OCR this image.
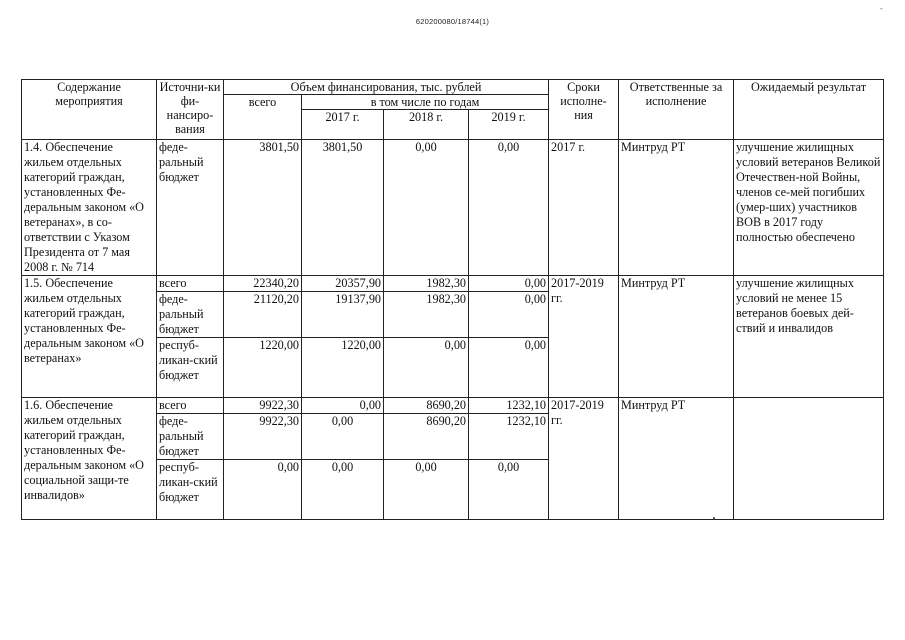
620200080/18744(1)
-
Содержание мероприятия	Источни-ки фи-нансиро-вания	Объем финансирования, тыс. рублей				Сроки исполне-ния	Ответственные за исполнение	Ожидаемый результат
		всего	в том числе по годам					
			2017 г.	2018 г.	2019 г.			
1.4. Обеспечение жильем отдельных категорий граждан, установленных Фе-деральным законом «О ветеранах», в со-ответствии с Указом Президента от 7 мая 2008 г. № 714	феде-ральный бюджет	3801,50	3801,50	0,00	0,00	2017 г.	Минтруд РТ	улучшение жилищных условий ветеранов Великой Отечествен-ной Войны, членов се-мей погибших (умер-ших) участников ВОВ в 2017 году полностью обеспечено
1.5. Обеспечение жильем отдельных категорий граждан, установленных Фе-деральным законом «О ветеранах»	всего	22340,20	20357,90	1982,30	0,00	2017-2019 гг.	Минтруд РТ	улучшение жилищных условий не менее 15 ветеранов боевых дей-ствий и инвалидов
	феде-ральный бюджет	21120,20	19137,90	1982,30	0,00			
	респуб-ликан-ский бюджет	1220,00	1220,00	0,00	0,00			
1.6. Обеспечение жильем отдельных категорий граждан, установленных Фе-деральным законом «О социальной защи-те инвалидов»	всего	9922,30	0,00	8690,20	1232,10	2017-2019 гг.	Минтруд РТ	
	феде-ральный бюджет	9922,30	0,00	8690,20	1232,10			
	респуб-ликан-ский бюджет	0,00	0,00	0,00	0,00			
